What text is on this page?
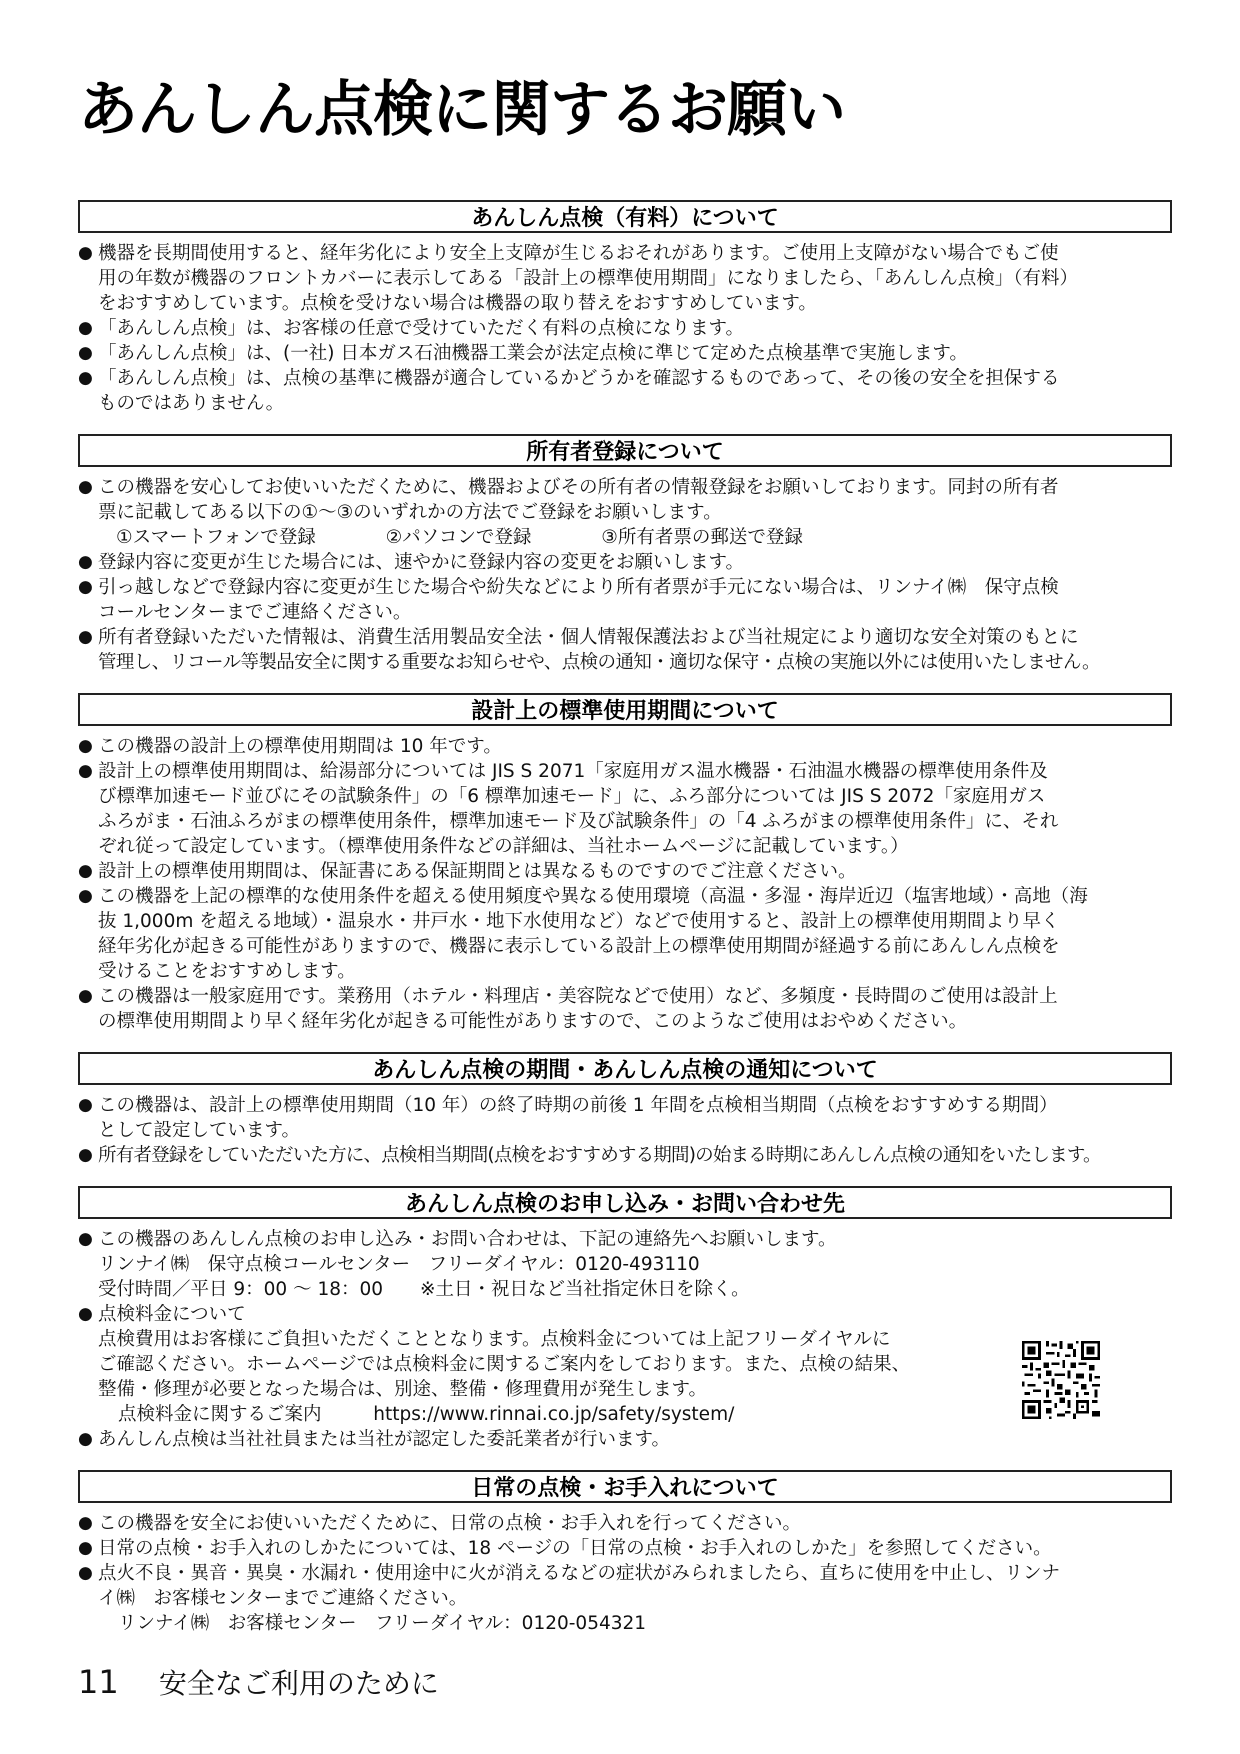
あんしん点検に関するお願い
あんしん点検（有料）について
● 機器を長期間使用すると、経年劣化により安全上支障が生じるおそれがあります。ご使用上支障がない場合でもご使
用の年数が機器のフロントカバーに表示してある「設計上の標準使用期間」になりましたら、「あんしん点検」（有料）
をおすすめしています。点検を受けない場合は機器の取り替えをおすすめしています。
● 「あんしん点検」は、お客様の任意で受けていただく有料の点検になります。
● 「あんしん点検」は、(一社) 日本ガス石油機器工業会が法定点検に準じて定めた点検基準で実施します。
● 「あんしん点検」は、点検の基準に機器が適合しているかどうかを確認するものであって、その後の安全を担保する
ものではありません。
所有者登録について
● この機器を安心してお使いいただくために、機器およびその所有者の情報登録をお願いしております。同封の所有者
票に記載してある以下の①～③のいずれかの方法でご登録をお願いします。
①スマートフォンで登録	②パソコンで登録	③所有者票の郵送で登録
● 登録内容に変更が生じた場合には、速やかに登録内容の変更をお願いします。
● 引っ越しなどで登録内容に変更が生じた場合や紛失などにより所有者票が手元にない場合は、リンナイ㈱　保守点検
コールセンターまでご連絡ください。
● 所有者登録いただいた情報は、消費生活用製品安全法・個人情報保護法および当社規定により適切な安全対策のもとに
管理し、リコール等製品安全に関する重要なお知らせや、点検の通知・適切な保守・点検の実施以外には使用いたしません。
設計上の標準使用期間について
● この機器の設計上の標準使用期間は 10 年です。
● 設計上の標準使用期間は、給湯部分については JIS S 2071「家庭用ガス温水機器・石油温水機器の標準使用条件及
び標準加速モード並びにその試験条件」の「6 標準加速モード」に、ふろ部分については JIS S 2072「家庭用ガス
ふろがま・石油ふろがまの標準使用条件，標準加速モード及び試験条件」の「4 ふろがまの標準使用条件」に、それ
ぞれ従って設定しています。（標準使用条件などの詳細は、当社ホームページに記載しています。）
● 設計上の標準使用期間は、保証書にある保証期間とは異なるものですのでご注意ください。
● この機器を上記の標準的な使用条件を超える使用頻度や異なる使用環境（高温・多湿・海岸近辺（塩害地域）・高地（海
抜 1,000m を超える地域）・温泉水・井戸水・地下水使用など）などで使用すると、設計上の標準使用期間より早く
経年劣化が起きる可能性がありますので、機器に表示している設計上の標準使用期間が経過する前にあんしん点検を
受けることをおすすめします。
● この機器は一般家庭用です。業務用（ホテル・料理店・美容院などで使用）など、多頻度・長時間のご使用は設計上
の標準使用期間より早く経年劣化が起きる可能性がありますので、このようなご使用はおやめください。
あんしん点検の期間・あんしん点検の通知について
● この機器は、設計上の標準使用期間（10 年）の終了時期の前後 1 年間を点検相当期間（点検をおすすめする期間）
として設定しています。
● 所有者登録をしていただいた方に、点検相当期間(点検をおすすめする期間)の始まる時期にあんしん点検の通知をいたします。
あんしん点検のお申し込み・お問い合わせ先
● この機器のあんしん点検のお申し込み・お問い合わせは、下記の連絡先へお願いします。
リンナイ㈱　保守点検コールセンター　フリーダイヤル：0120-493110
受付時間／平日 9：00 ～ 18：00　　※土日・祝日など当社指定休日を除く。
● 点検料金について
点検費用はお客様にご負担いただくこととなります。点検料金については上記フリーダイヤルに
ご確認ください。ホームページでは点検料金に関するご案内をしております。また、点検の結果、
整備・修理が必要となった場合は、別途、整備・修理費用が発生します。
点検料金に関するご案内	https://www.rinnai.co.jp/safety/system/
● あんしん点検は当社社員または当社が認定した委託業者が行います。
日常の点検・お手入れについて
● この機器を安全にお使いいただくために、日常の点検・お手入れを行ってください。
● 日常の点検・お手入れのしかたについては、18 ページの「日常の点検・お手入れのしかた」を参照してください。
● 点火不良・異音・異臭・水漏れ・使用途中に火が消えるなどの症状がみられましたら、直ちに使用を中止し、リンナ
イ㈱　お客様センターまでご連絡ください。
リンナイ㈱　お客様センター　フリーダイヤル：0120-054321
11 安全なご利用のために
